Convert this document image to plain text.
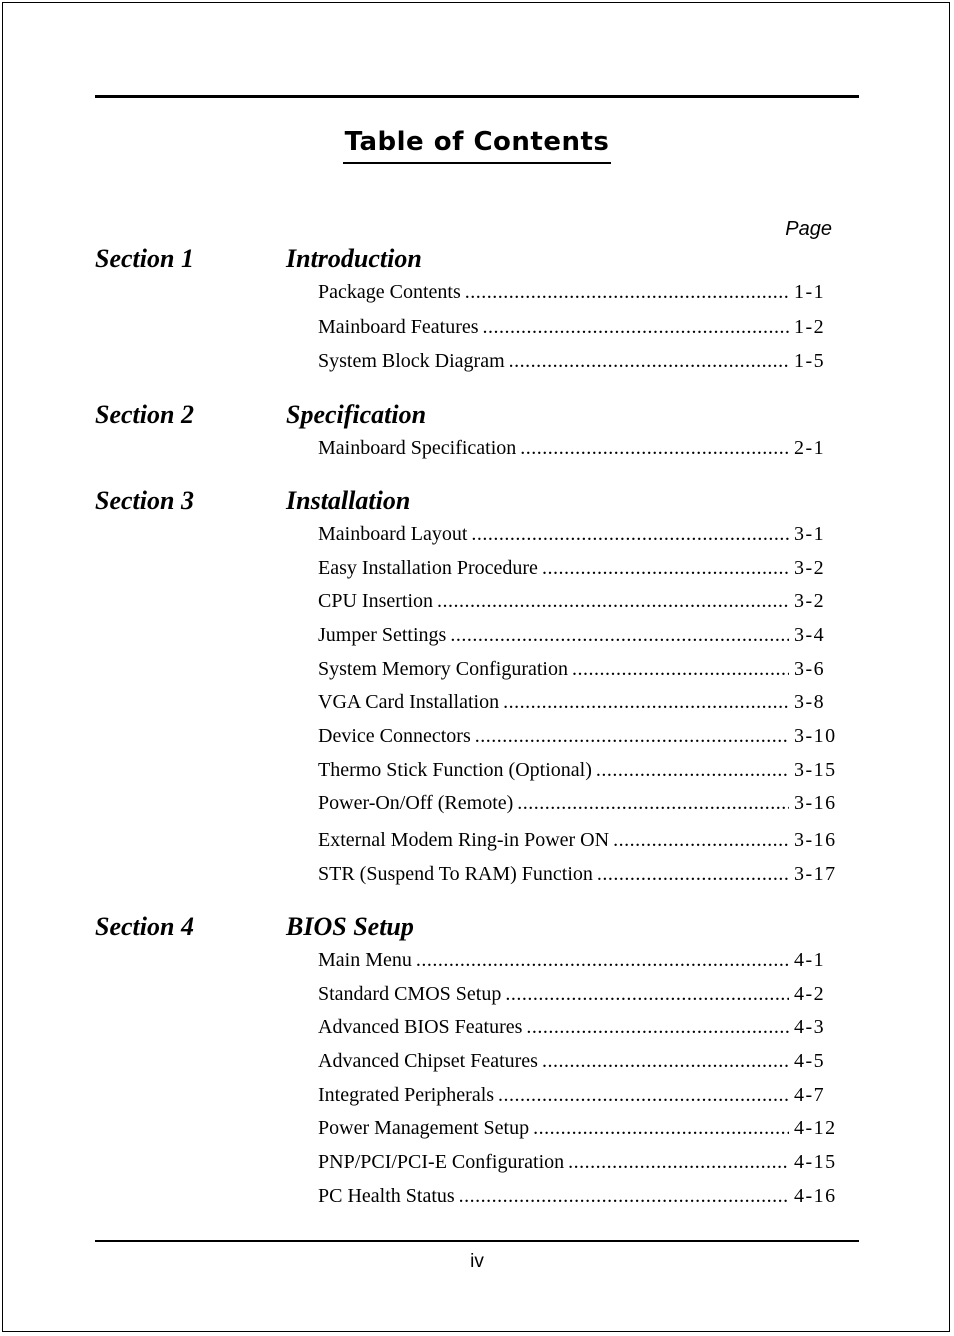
Table of Contents
Page
Section 1	Introduction
Package Contents .....	1-1
Mainboard Features .....	1-2
System Block Diagram .....	1-5
Section 2	Specification
Mainboard Specification .....	2-1
Section 3	Installation
Mainboard Layout .....	3-1
Easy Installation Procedure .....	3-2
CPU Insertion .....	3-2
Jumper Settings .....	3-4
System Memory Configuration .....	3-6
VGA Card Installation .....	3-8
Device Connectors .....	3-10
Thermo Stick Function (Optional) .....	3-15
Power-On/Off (Remote) .....	3-16
External Modem Ring-in Power ON .....	3-16
STR (Suspend To RAM) Function .....	3-17
Section 4	BIOS Setup
Main Menu .....	4-1
Standard CMOS Setup .....	4-2
Advanced BIOS Features .....	4-3
Advanced Chipset Features .....	4-5
Integrated Peripherals .....	4-7
Power Management Setup .....	4-12
PNP/PCI/PCI-E Configuration .....	4-15
PC Health Status .....	4-16
iv
